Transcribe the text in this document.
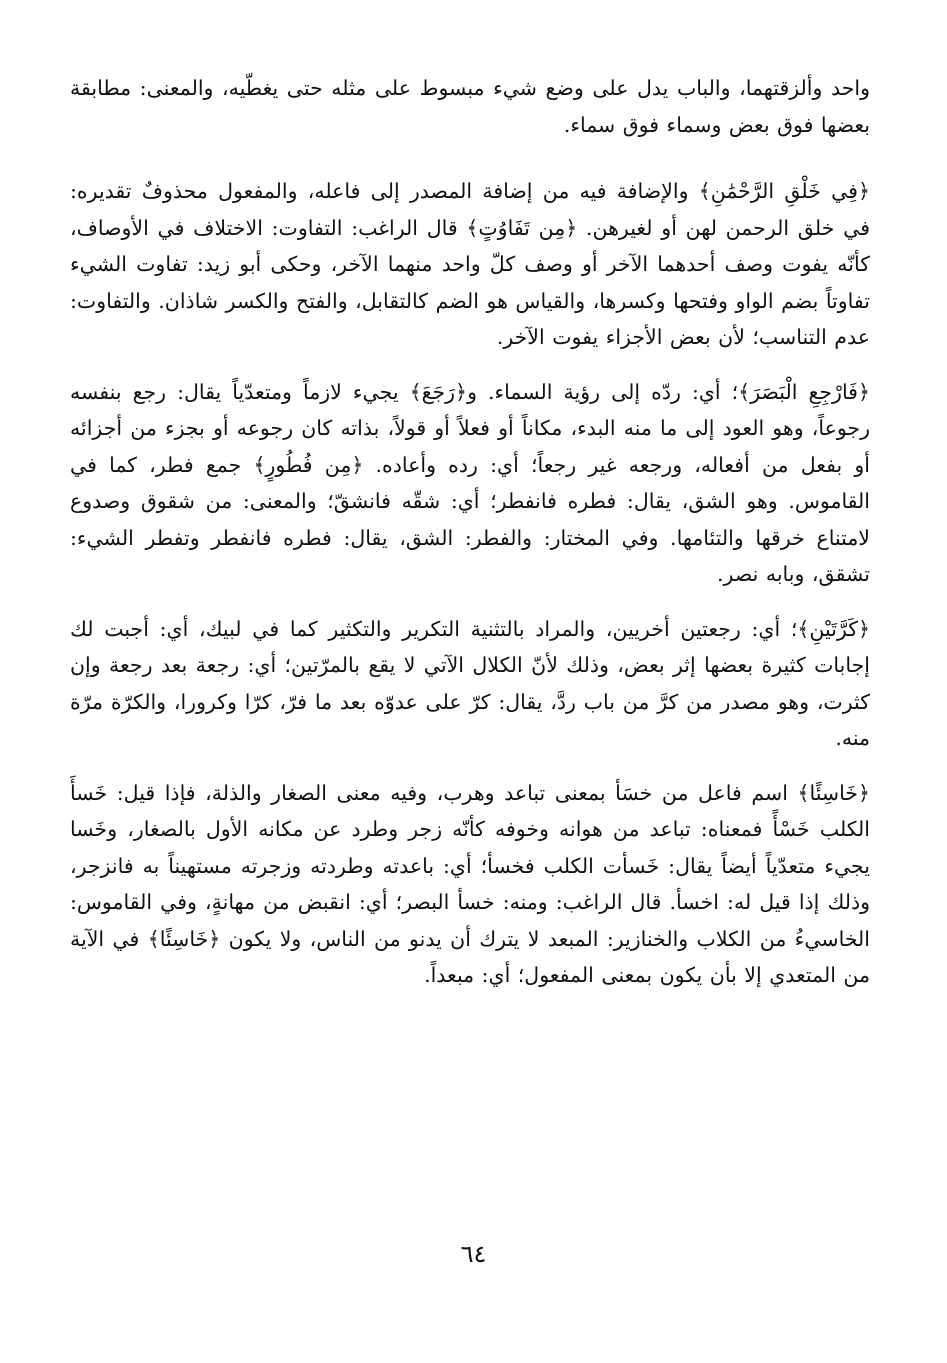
واحد وألزقتهما، والباب يدل على وضع شيء مبسوط على مثله حتى يغطّيه، والمعنى: مطابقة بعضها فوق بعض وسماء فوق سماء.

﴿فِي خَلْقِ الرَّحْمَٰنِ﴾ والإضافة فيه من إضافة المصدر إلى فاعله، والمفعول محذوفٌ تقديره: في خلق الرحمن لهن أو لغيرهن. ﴿مِن تَفَاوُتٍ﴾ قال الراغب: التفاوت: الاختلاف في الأوصاف، كأنّه يفوت وصف أحدهما الآخر أو وصف كلّ واحد منهما الآخر، وحكى أبو زيد: تفاوت الشيء تفاوتاً بضم الواو وفتحها وكسرها، والقياس هو الضم كالتقابل، والفتح والكسر شاذان. والتفاوت: عدم التناسب؛ لأن بعض الأجزاء يفوت الآخر.

﴿فَارْجِعِ الْبَصَرَ﴾؛ أي: ردّه إلى رؤية السماء. و﴿رَجَعَ﴾ يجيء لازماً ومتعدّياً يقال: رجع بنفسه رجوعاً، وهو العود إلى ما منه البدء، مكاناً أو فعلاً أو قولاً، بذاته كان رجوعه أو بجزء من أجزائه أو بفعل من أفعاله، ورجعه غير رجعاً؛ أي: رده وأعاده. ﴿مِن فُطُورٍ﴾ جمع فطر، كما في القاموس. وهو الشق، يقال: فطره فانفطر؛ أي: شقّه فانشقّ؛ والمعنى: من شقوق وصدوع لامتناع خرقها والتئامها. وفي المختار: والفطر: الشق، يقال: فطره فانفطر وتفطر الشيء: تشقق، وبابه نصر.

﴿كَرَّتَيْنِ﴾؛ أي: رجعتين أخريين، والمراد بالتثنية التكرير والتكثير كما في لبيك، أي: أجبت لك إجابات كثيرة بعضها إثر بعض، وذلك لأنّ الكلال الآتي لا يقع بالمرّتين؛ أي: رجعة بعد رجعة وإن كثرت، وهو مصدر من كرَّ من باب ردَّ، يقال: كرّ على عدوّه بعد ما فرّ، كرّا وكرورا، والكرّة مرّة منه.

﴿خَاسِئًا﴾ اسم فاعل من خسَأ بمعنى تباعد وهرب، وفيه معنى الصغار والذلة، فإذا قيل: خَسأَ الكلب خَسْأً فمعناه: تباعد من هوانه وخوفه كأنّه زجر وطرد عن مكانه الأول بالصغار، وخَسا يجيء متعدّياً أيضاً يقال: خَسأت الكلب فخسأ؛ أي: باعدته وطردته وزجرته مستهيناً به فانزجر، وذلك إذا قيل له: اخسأ. قال الراغب: ومنه: خسأ البصر؛ أي: انقبض من مهانةٍ، وفي القاموس: الخاسيءُ من الكلاب والخنازير: المبعد لا يترك أن يدنو من الناس، ولا يكون ﴿خَاسِئًا﴾ في الآية من المتعدي إلا بأن يكون بمعنى المفعول؛ أي: مبعداً.

٦٤
